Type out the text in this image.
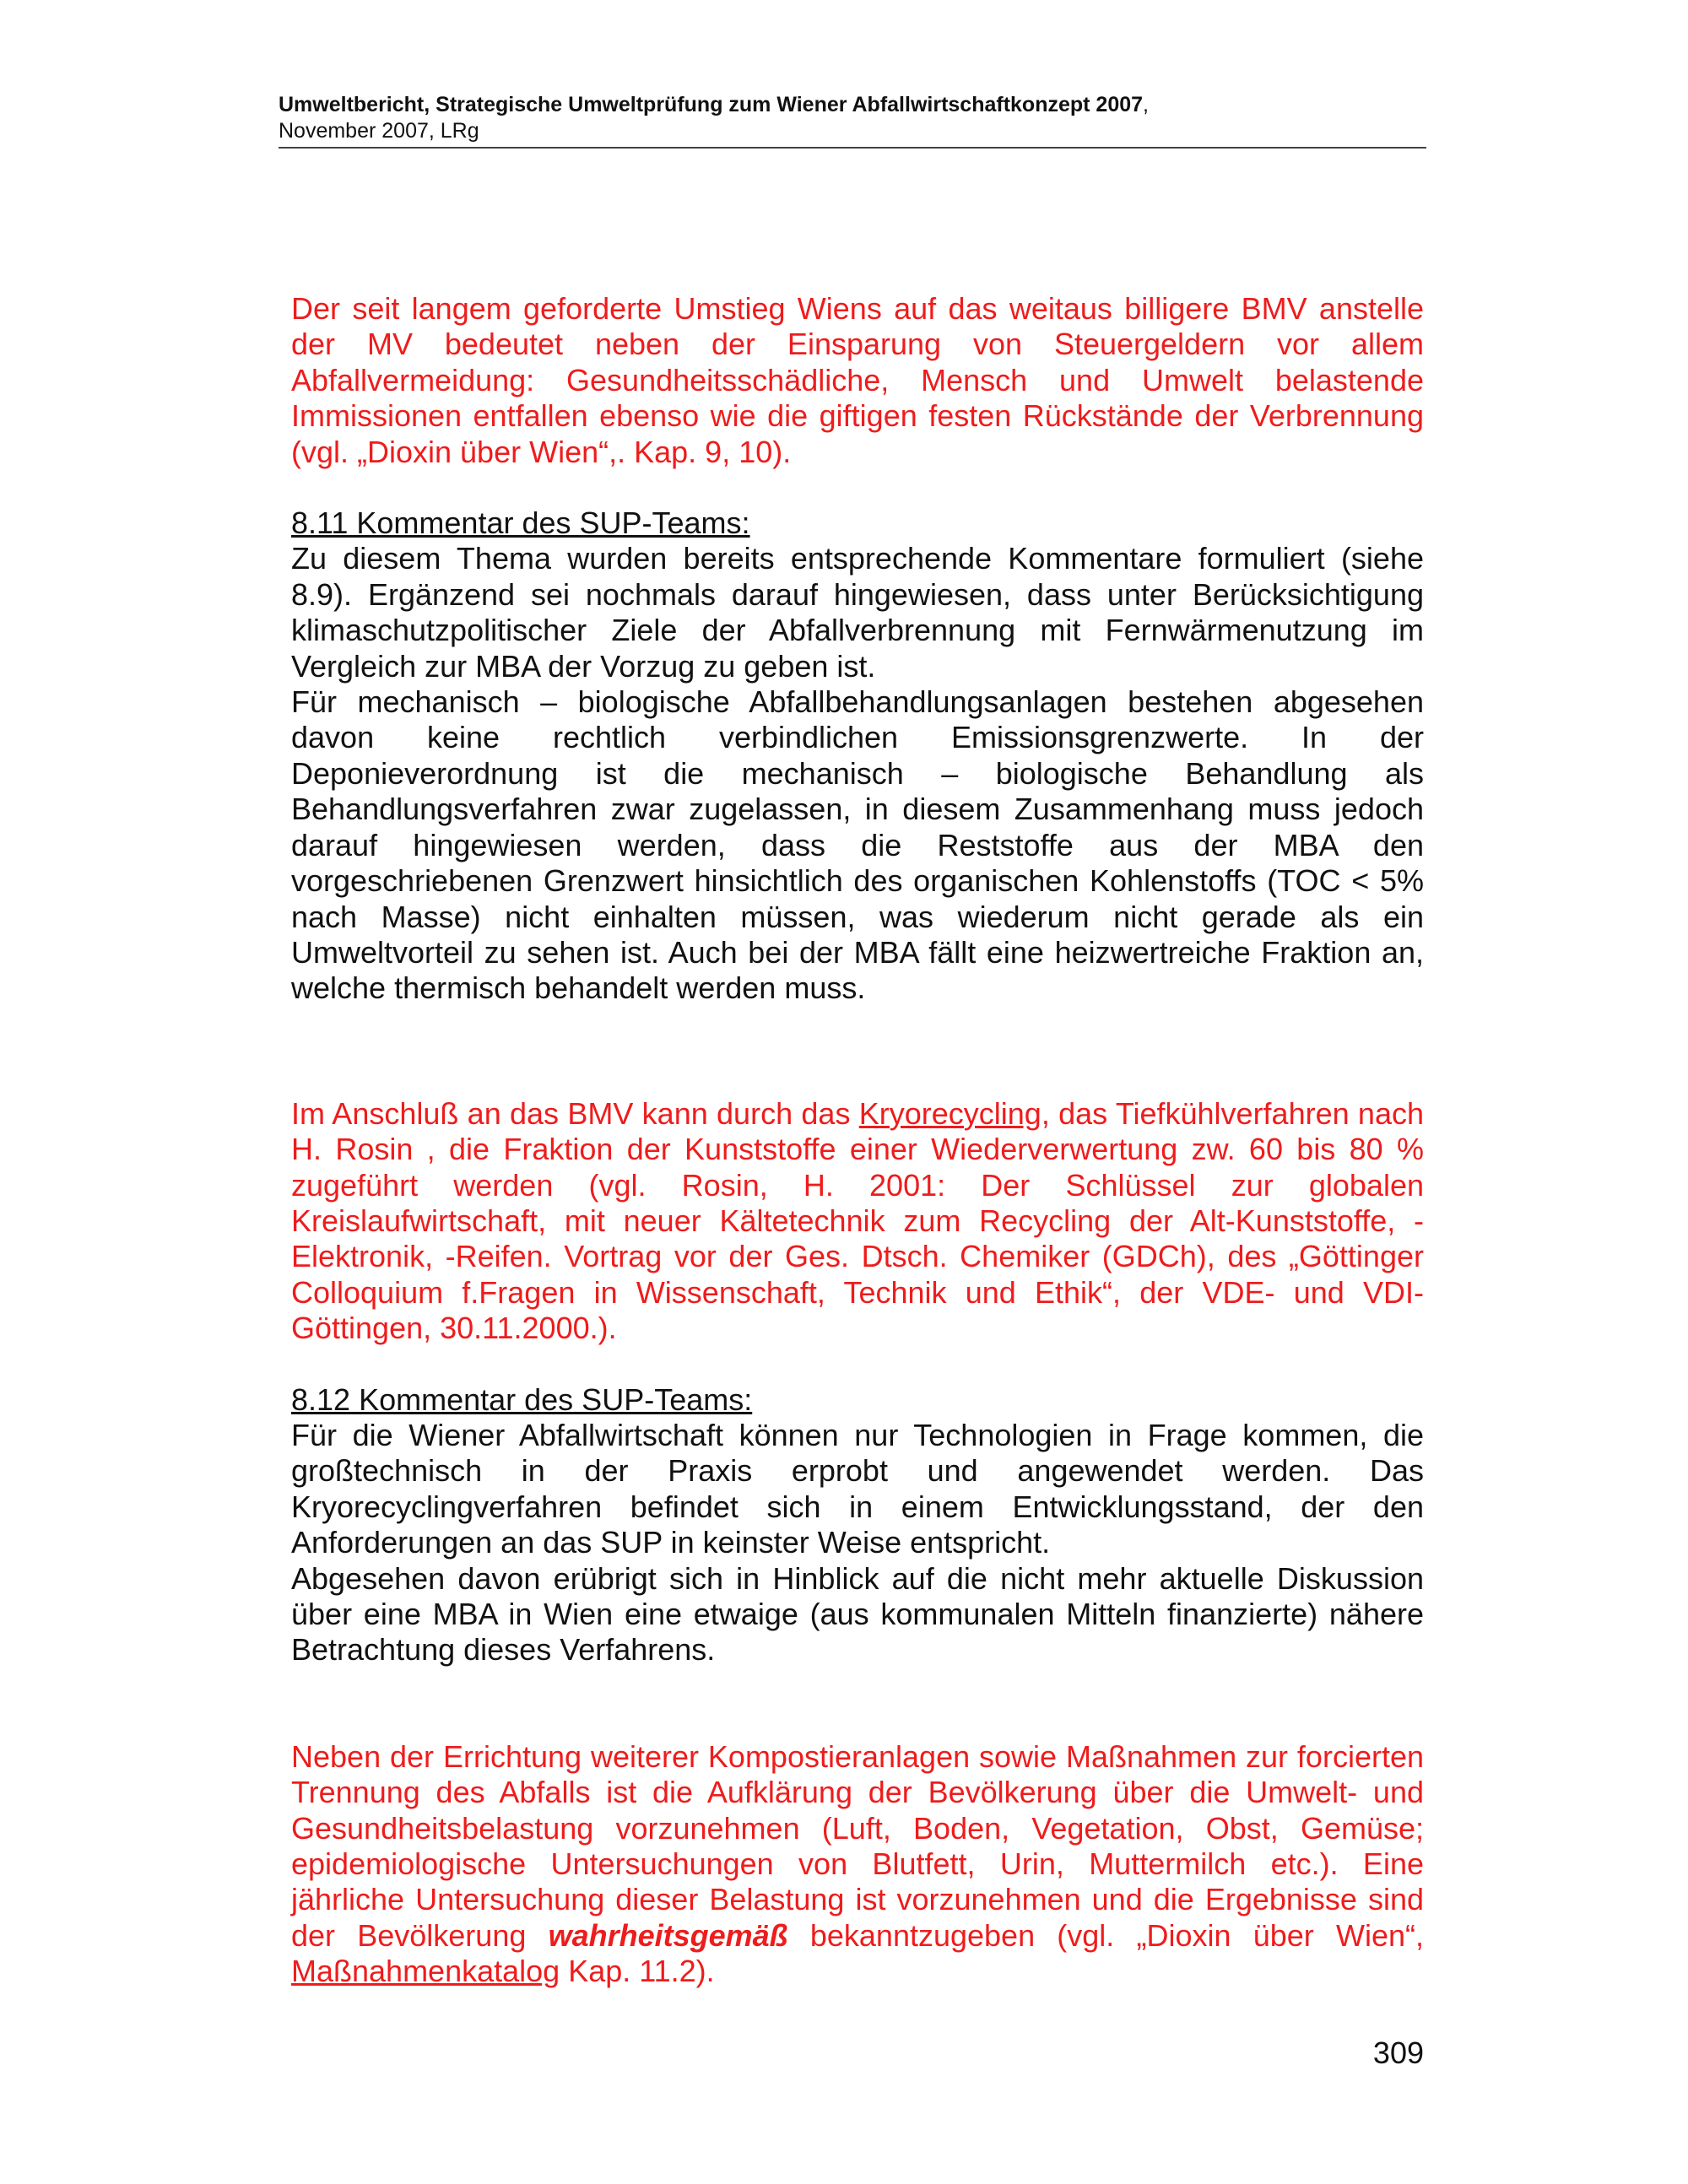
Umweltbericht, Strategische Umweltprüfung zum Wiener Abfallwirtschaftkonzept 2007,
November 2007, LRg

Der seit langem geforderte Umstieg Wiens auf das weitaus billigere BMV anstelle der MV bedeutet neben der Einsparung von Steuergeldern vor allem Abfallvermeidung: Gesundheitsschädliche, Mensch und Umwelt belastende Immissionen entfallen ebenso wie die giftigen festen Rückstände der Verbrennung (vgl. „Dioxin über Wien“,. Kap. 9, 10).

8.11 Kommentar des SUP-Teams:

Zu diesem Thema wurden bereits entsprechende Kommentare formuliert (siehe 8.9). Ergänzend sei nochmals darauf hingewiesen, dass unter Berücksichtigung klimaschutzpolitischer Ziele der Abfallverbrennung mit Fernwärmenutzung im Vergleich zur MBA der Vorzug zu geben ist.

Für mechanisch – biologische Abfallbehandlungsanlagen bestehen abgesehen davon keine rechtlich verbindlichen Emissionsgrenzwerte. In der Deponieverordnung ist die mechanisch – biologische Behandlung als Behandlungsverfahren zwar zugelassen, in diesem Zusammenhang muss jedoch darauf hingewiesen werden, dass die Reststoffe aus der MBA den vorgeschriebenen Grenzwert hinsichtlich des organischen Kohlenstoffs (TOC < 5% nach Masse) nicht einhalten müssen, was wiederum nicht gerade als ein Umweltvorteil zu sehen ist. Auch bei der MBA fällt eine heizwertreiche Fraktion an, welche thermisch behandelt werden muss.

Im Anschluß an das BMV kann durch das Kryorecycling, das Tiefkühlverfahren nach H. Rosin , die Fraktion der Kunststoffe einer Wiederverwertung zw. 60 bis 80 % zugeführt werden (vgl. Rosin, H. 2001: Der Schlüssel zur globalen Kreislaufwirtschaft, mit neuer Kältetechnik zum Recycling der Alt-Kunststoffe, -Elektronik, -Reifen. Vortrag vor der Ges. Dtsch. Chemiker (GDCh), des „Göttinger Colloquium f.Fragen in Wissenschaft, Technik und Ethik“, der VDE- und VDI-Göttingen, 30.11.2000.).

8.12 Kommentar des SUP-Teams:

Für die Wiener Abfallwirtschaft können nur Technologien in Frage kommen, die großtechnisch in der Praxis erprobt und angewendet werden. Das Kryorecyclingverfahren befindet sich in einem Entwicklungsstand, der den Anforderungen an das SUP in keinster Weise entspricht.

Abgesehen davon erübrigt sich in Hinblick auf die nicht mehr aktuelle Diskussion über eine MBA in Wien eine etwaige (aus kommunalen Mitteln finanzierte) nähere Betrachtung dieses Verfahrens.

Neben der Errichtung weiterer Kompostieranlagen sowie Maßnahmen zur forcierten Trennung des Abfalls ist die Aufklärung der Bevölkerung über die Umwelt- und Gesundheitsbelastung vorzunehmen (Luft, Boden, Vegetation, Obst, Gemüse; epidemiologische Untersuchungen von Blutfett, Urin, Muttermilch etc.). Eine jährliche Untersuchung dieser Belastung ist vorzunehmen und die Ergebnisse sind der Bevölkerung wahrheitsgemäß bekanntzugeben (vgl. „Dioxin über Wien“, Maßnahmenkatalog Kap. 11.2).

309
